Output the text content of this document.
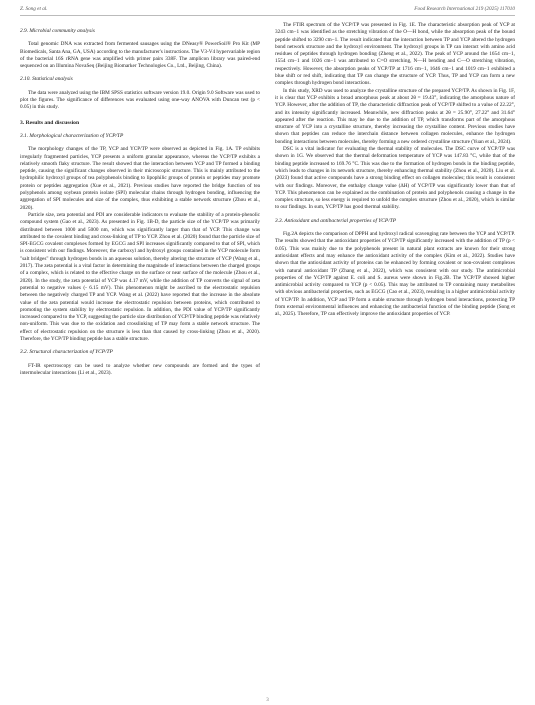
Z. Song et al.	Food Research International 219 (2025) 117010
2.9. Microbial community analysis

Total genomic DNA was extracted from fermented sausages using the DNeasy® PowerSoil® Pro Kit (MP Biomedicals, Santa Ana, GA, USA) according to the manufacturer's instructions. The V3-V4 hypervariable region of the bacterial 16S rRNA gene was amplified with primer pairs 338F. The amplicon library was paired-end sequenced on an Illumina NovaSeq (Beijing Biomarker Technologies Co., Ltd., Beijing, China).

2.10. Statistical analysis

The data were analyzed using the IBM SPSS statistics software version 19.0. Origin 9.0 Software was used to plot the figures. The significance of differences was evaluated using one-way ANOVA with Duncan test (p < 0.05) in this study.

3. Results and discussion
3.1. Morphological characterization of YCP/TP

The morphology changes of the TP, YCP and YCP/TP were observed as depicted in Fig. 1A. TP exhibits irregularly fragmented particles, YCP presents a uniform granular appearance, whereas the YCP/TP exhibits a relatively smooth flaky structure. The result showed that the interaction between YCP and TP formed a binding peptide, causing the significant changes observed in their microscopic structure. This is mainly attributed to the hydrophilic hydroxyl groups of tea polyphenols binding to lipophilic groups of protein or peptides may promote protein or peptides aggregation (Xue et al., 2021). Previous studies have reported the bridge function of tea polyphenols among soybean protein isolate (SPI) molecular chains through hydrogen bonding, influencing the aggregation of SPI molecules and size of the complex, thus exhibiting a stable network structure (Zhou et al., 2020).

Particle size, zeta potential and PDI are considerable indicators to evaluate the stability of a protein-phenolic compound system (Gao et al., 2023). As presented in Fig. 1B-D, the particle size of the YCP/TP was primarily distributed between 1000 and 5000 nm, which was significantly larger than that of YCP. This change was attributed to the covalent binding and cross-linking of TP to YCP. Zhou et al. (2020) found that the particle size of SPI-EGCG covalent complexes formed by EGCG and SPI increases significantly compared to that of SPI, which is consistent with our findings. Moreover, the carboxyl and hydroxyl groups contained in the YCP molecule form "salt bridges" through hydrogen bonds in an aqueous solution, thereby altering the structure of YCP (Wang et al., 2017). The zeta potential is a vital factor in determining the magnitude of interactions between the charged groups of a complex, which is related to the effective charge on the surface or near surface of the molecule (Zhou et al., 2020). In the study, the zeta potential of YCP was 4.17 mV, while the addition of TP converts the signal of zeta potential to negative values (- 6.15 mV). This phenomenon might be ascribed to the electrostatic repulsion between the negatively charged TP and YCP. Wang et al. (2022) have reported that the increase in the absolute value of the zeta potential would increase the electrostatic repulsion between proteins, which contributed to promoting the system stability by electrostatic repulsion. In addition, the PDI value of YCP/TP significantly increased compared to the YCP, suggesting the particle size distribution of YCP/TP binding peptide was relatively non-uniform. This was due to the oxidation and crosslinking of TP may form a stable network structure. The effect of electrostatic repulsion on the structure is less than that caused by cross-linking (Zhou et al., 2020). Therefore, the YCP/TP binding peptide has a stable structure.

3.2. Structural characterization of YCP/TP

FT-IR spectroscopy can be used to analyze whether new compounds are formed and the types of intermolecular interactions (Li et al., 2023).

The FTIR spectrum of the YCP/TP was presented in Fig. 1E. The characteristic absorption peak of YCP at 3243 cm−1 was identified as the stretching vibration of the O—H bond, while the absorption peak of the bound peptide shifted to 3290 cm−1. The result indicated that the interaction between TP and YCP altered the hydrogen bond network structure and the hydroxyl environment. The hydroxyl groups in TP can interact with amino acid residues of peptides through hydrogen bonding (Zheng et al., 2022). The peak of YCP around the 1654 cm−1, 1554 cm−1 and 1026 cm−1 was attributed to C=O stretching, N—H bending and C—O stretching vibration, respectively. However, the absorption peaks of YCP/TP at 1716 cm−1, 1646 cm−1 and 1019 cm−1 exhibited a blue shift or red shift, indicating that TP can change the structure of YCP. Thus, TP and YCP can form a new complex through hydrogen bond interactions.

In this study, XRD was used to analyze the crystalline structure of the prepared YCP/TP. As shown in Fig. 1F, it is clear that YCP exhibits a broad amorphous peak at about 2θ = 19.43°, indicating the amorphous nature of YCP. However, after the addition of TP, the characteristic diffraction peak of YCP/TP shifted to a value of 22.22°, and its intensity significantly increased. Meanwhile, new diffraction peaks at 2θ = 25.90°, 27.22° and 31.64° appeared after the reaction. This may be due to the addition of TP, which transforms part of the amorphous structure of YCP into a crystalline structure, thereby increasing the crystalline content. Previous studies have shown that peptides can reduce the interchain distance between collagen molecules, enhance the hydrogen bonding interactions between molecules, thereby forming a new ordered crystalline structure (Yuan et al., 2024).

DSC is a vital indicator for evaluating the thermal stability of molecules. The DSC curve of YCP/TP was shown in 1G. We observed that the thermal deformation temperature of YCP was 147.83 °C, while that of the binding peptide increased to 169.76 °C. This was due to the formation of hydrogen bonds in the binding peptide, which leads to changes in its network structure, thereby enhancing thermal stability (Zhou et al., 2020). Liu et al. (2023) found that active compounds have a strong binding effect on collagen molecules; this result is consistent with our findings. Moreover, the enthalpy change value (ΔH) of YCP/TP was significantly lower than that of YCP. This phenomenon can be explained as the combination of protein and polyphenols causing a change in the complex structure, so less energy is required to unfold the complex structure (Zhou et al., 2020), which is similar to our findings. In sum, YCP/TP has good thermal stability.

3.3. Antioxidant and antibacterial properties of YCP/TP

Fig.2A depicts the comparison of DPPH and hydroxyl radical scavenging rate between the YCP and YCP/TP. The results showed that the antioxidant properties of YCP/TP significantly increased with the addition of TP (p < 0.05). This was mainly due to the polyphenols present in natural plant extracts are known for their strong antioxidant effects and may enhance the antioxidant activity of the complex (Kim et al., 2022). Studies have shown that the antioxidant activity of proteins can be enhanced by forming covalent or non-covalent complexes with natural antioxidant TP (Zhang et al., 2022), which was consistent with our study. The antimicrobial properties of the YCP/TP against E. coli and S. aureus were shown in Fig.2B. The YCP/TP showed higher antimicrobial activity compared to YCP (p < 0.05). This may be attributed to TP containing many metabolites with obvious antibacterial properties, such as EGCG (Cao et al., 2023), resulting in a higher antimicrobial activity of YCP/TP. In addition, YCP and TP form a stable structure through hydrogen bond interactions, protecting TP from external environmental influences and enhancing the antibacterial function of the binding peptide (Song et al., 2025). Therefore, TP can effectively improve the antioxidant properties of YCP.

3
